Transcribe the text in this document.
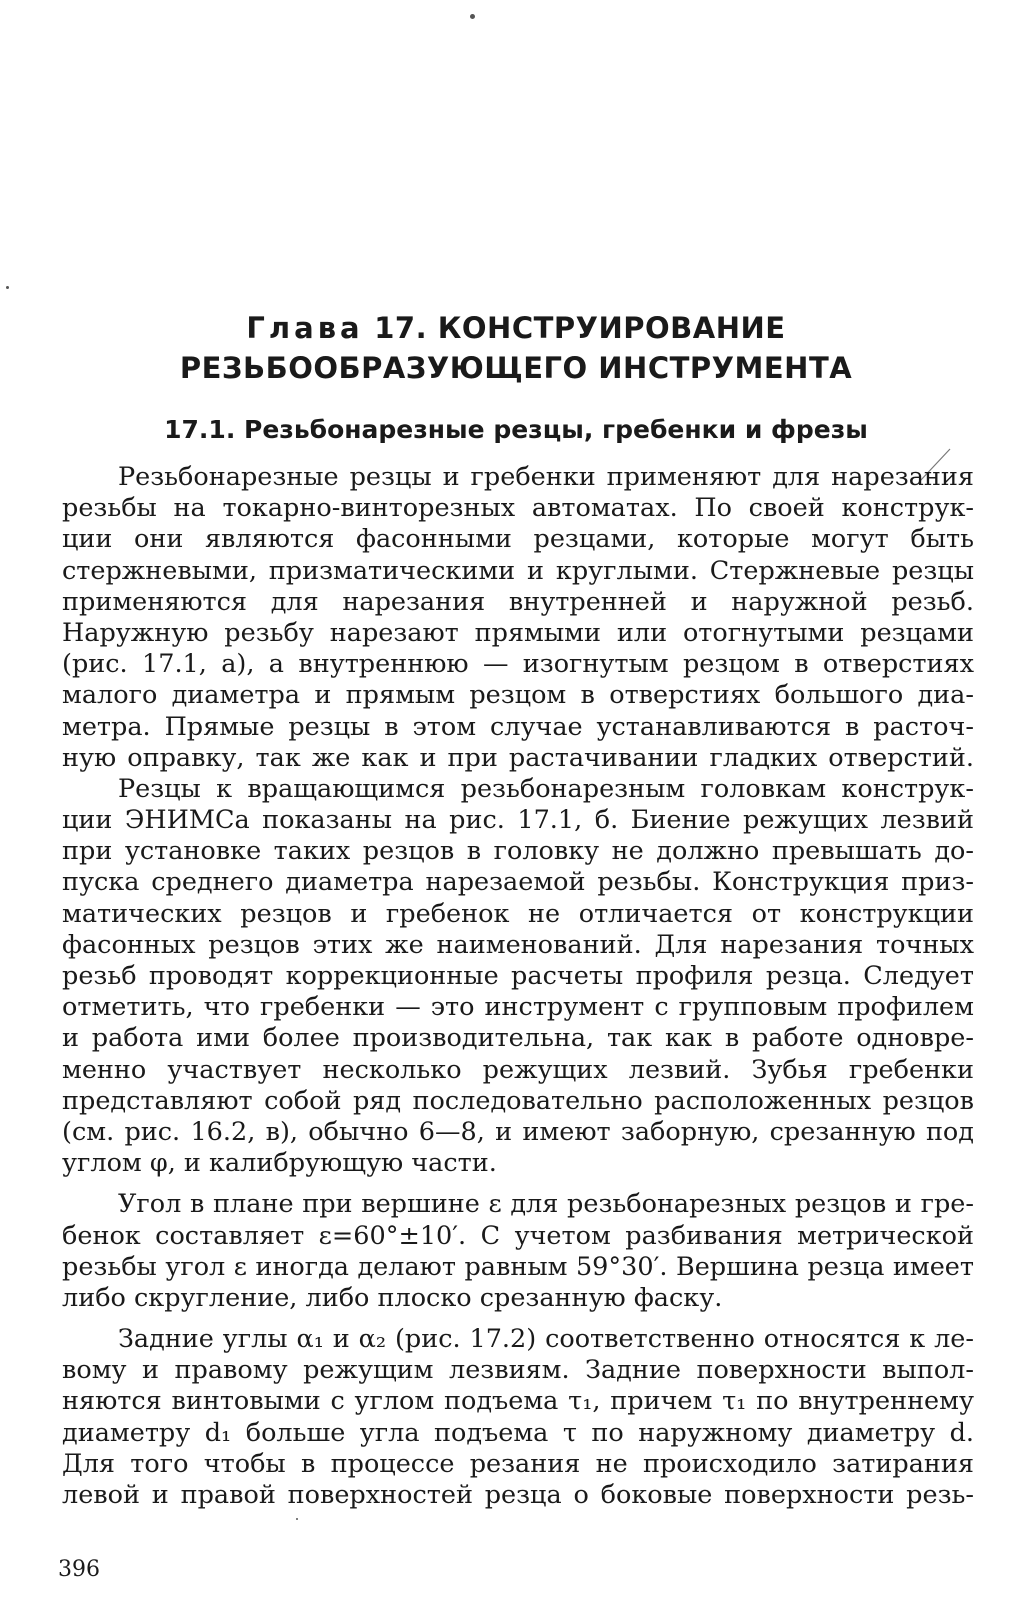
Глава 17. КОНСТРУИРОВАНИЕ
РЕЗЬБООБРАЗУЮЩЕГО ИНСТРУМЕНТА
17.1. Резьбонарезные резцы, гребенки и фрезы
Резьбонарезные резцы и гребенки применяют для нарезания
резьбы на токарно-винторезных автоматах. По своей конструк-
ции они являются фасонными резцами, которые могут быть
стержневыми, призматическими и круглыми. Стержневые резцы
применяются для нарезания внутренней и наружной резьб.
Наружную резьбу нарезают прямыми или отогнутыми резцами
(рис. 17.1, а), а внутреннюю — изогнутым резцом в отверстиях
малого диаметра и прямым резцом в отверстиях большого диа-
метра. Прямые резцы в этом случае устанавливаются в расточ-
ную оправку, так же как и при растачивании гладких отверстий.
Резцы к вращающимся резьбонарезным головкам конструк-
ции ЭНИМСа показаны на рис. 17.1, б. Биение режущих лезвий
при установке таких резцов в головку не должно превышать до-
пуска среднего диаметра нарезаемой резьбы. Конструкция приз-
матических резцов и гребенок не отличается от конструкции
фасонных резцов этих же наименований. Для нарезания точных
резьб проводят коррекционные расчеты профиля резца. Следует
отметить, что гребенки — это инструмент с групповым профилем
и работа ими более производительна, так как в работе одновре-
менно участвует несколько режущих лезвий. Зубья гребенки
представляют собой ряд последовательно расположенных резцов
(см. рис. 16.2, в), обычно 6—8, и имеют заборную, срезанную под
углом φ, и калибрующую части.
Угол в плане при вершине ε для резьбонарезных резцов и гре-
бенок составляет ε=60°±10′. С учетом разбивания метрической
резьбы угол ε иногда делают равным 59°30′. Вершина резца имеет
либо скругление, либо плоско срезанную фаску.
Задние углы α₁ и α₂ (рис. 17.2) соответственно относятся к ле-
вому и правому режущим лезвиям. Задние поверхности выпол-
няются винтовыми с углом подъема τ₁, причем τ₁ по внутреннему
диаметру d₁ больше угла подъема τ по наружному диаметру d.
Для того чтобы в процессе резания не происходило затирания
левой и правой поверхностей резца о боковые поверхности резь-

396
